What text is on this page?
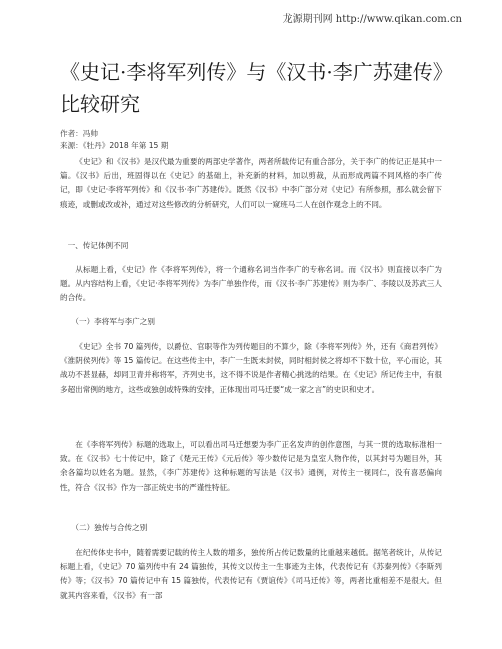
龙源期刊网 http://www.qikan.com.cn
《史记·李将军列传》与《汉书·李广苏建传》比较研究
作者：冯帅
来源：《牡丹》2018 年第 15 期

《史记》和《汉书》是汉代最为重要的两部史学著作，两者所载传记有重合部分，关于李广的传记正是其中一篇。《汉书》后出，班固得以在《史记》的基础上，补充新的材料，加以剪裁，从而形成两篇不同风格的李广传记，即《史记·李将军列传》和《汉书·李广苏建传》。既然《汉书》中李广部分对《史记》有所参照，那么就会留下痕迹，或删或改或补，通过对这些修改的分析研究，人们可以一窥班马二人在创作观念上的不同。

一、传记体例不同

从标题上看，《史记》作《李将军列传》，将一个通称名词当作李广的专称名词。而《汉书》则直接以李广为题。从内容结构上看，《史记·李将军列传》为李广单独作传，而《汉书·李广苏建传》则为李广、李陵以及苏武三人的合传。

（一）李将军与李广之别

《史记》全书 70 篇列传，以爵位、官职等作为列传题目的不算少，除《李将军列传》外，还有《商君列传》《淮阴侯列传》等 15 篇传记。在这些传主中，李广一生既未封侯，同时相封侯之将却不下数十位，平心而论，其战功不甚显赫，却同卫青并称将军，齐列史书，这不得不说是作者精心挑选的结果。在《史记》所记传主中，有很多超出常例的地方，这些或独创或特殊的安排，正体现出司马迁要“成一家之言”的史识和史才。

在《李将军列传》标题的选取上，可以看出司马迁想要为李广正名发声的创作意图，与其一贯的选取标准相一致。在《汉书》七十传记中，除了《楚元王传》《元后传》等少数传记是为皇室人物作传，以其封号为题目外，其余各篇均以姓名为题。显然，《李广苏建传》这种标题的写法是《汉书》通例，对传主一视同仁，没有喜恶偏向性，符合《汉书》作为一部正统史书的严谨性特征。

（二）独传与合传之别

在纪传体史书中，随着需要记载的传主人数的增多，独传所占传记数量的比重越来越低。据笔者统计，从传记标题上看，《史记》70 篇列传中有 24 篇独传，其传文以传主一生事迹为主体，代表传记有《苏秦列传》《李斯列传》等；《汉书》70 篇传记中有 15 篇独传，代表传记有《贾谊传》《司马迁传》等，两者比重相差不是很大。但就其内容来看，《汉书》有一部
